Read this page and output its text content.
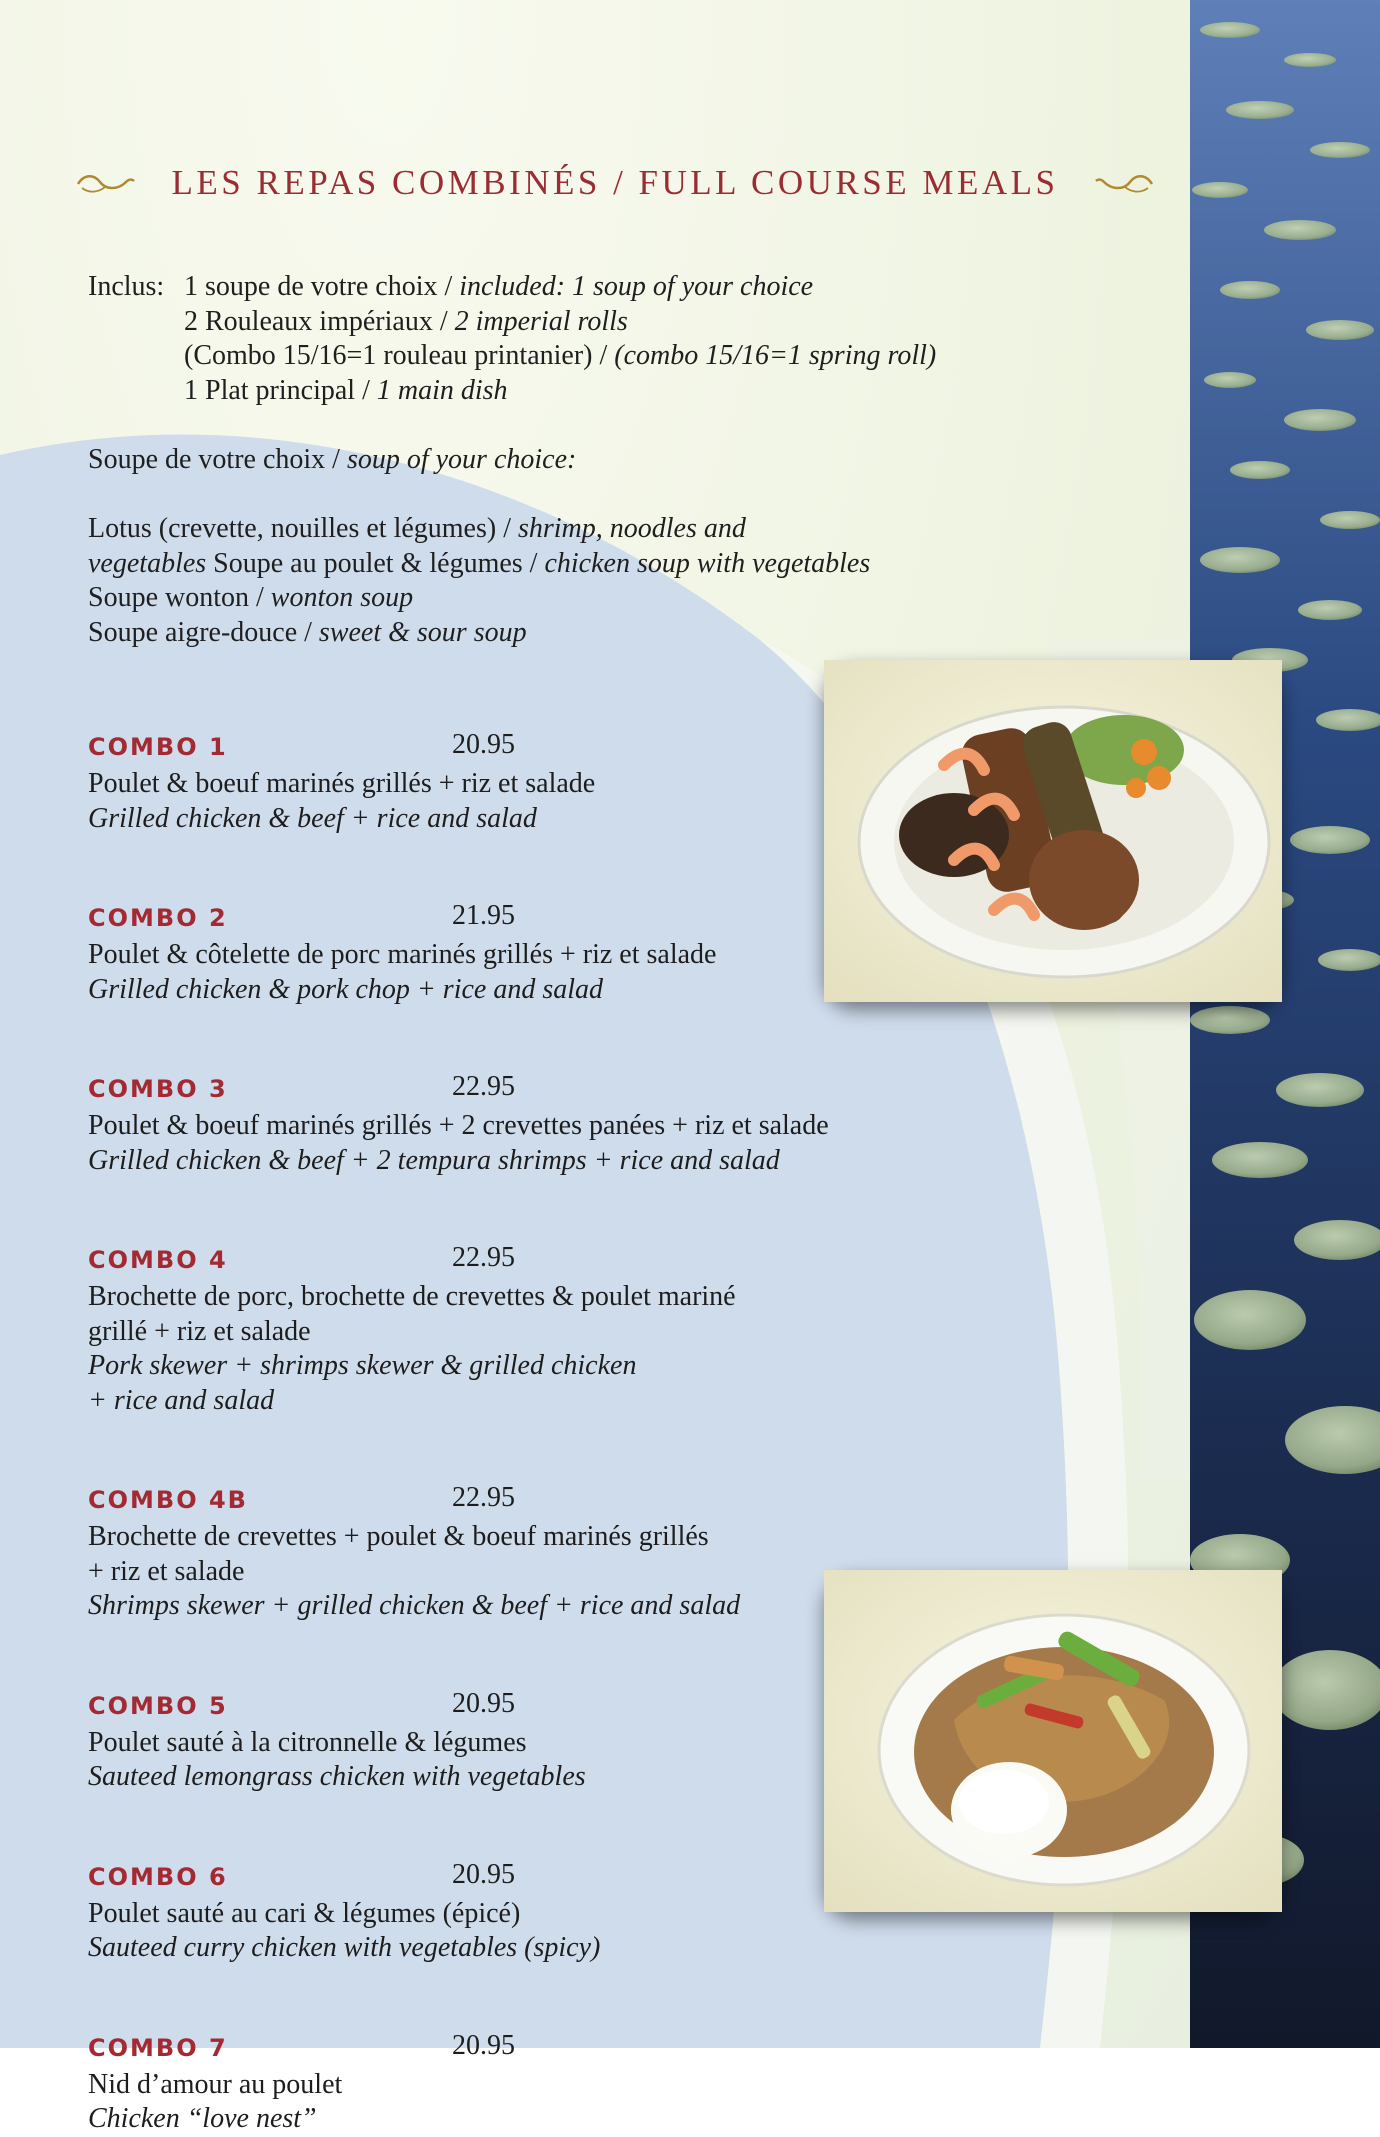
LES REPAS COMBINÉS / FULL COURSE MEALS
Inclus: 1 soupe de votre choix / included: 1 soup of your choice
2 Rouleaux impériaux / 2 imperial rolls
(Combo 15/16=1 rouleau printanier) / (combo 15/16=1 spring roll)
1 Plat principal / 1 main dish
Soupe de votre choix / soup of your choice:
Lotus (crevette, nouilles et légumes) / shrimp, noodles and
vegetables Soupe au poulet & légumes / chicken soup with vegetables
Soupe wonton / wonton soup
Soupe aigre-douce / sweet & sour soup
COMBO 1	20.95
Poulet & boeuf marinés grillés + riz et salade
Grilled chicken & beef + rice and salad
COMBO 2	21.95
Poulet & côtelette de porc marinés grillés + riz et salade
Grilled chicken & pork chop + rice and salad
COMBO 3	22.95
Poulet & boeuf marinés grillés + 2 crevettes panées + riz et salade
Grilled chicken & beef + 2 tempura shrimps + rice and salad
COMBO 4	22.95
Brochette de porc, brochette de crevettes & poulet mariné
grillé + riz et salade
Pork skewer + shrimps skewer & grilled chicken
+ rice and salad
COMBO 4B	22.95
Brochette de crevettes + poulet & boeuf marinés grillés
+ riz et salade
Shrimps skewer + grilled chicken & beef + rice and salad
COMBO 5	20.95
Poulet sauté à la citronnelle & légumes
Sauteed lemongrass chicken with vegetables
COMBO 6	20.95
Poulet sauté au cari & légumes (épicé)
Sauteed curry chicken with vegetables (spicy)
COMBO 7	20.95
Nid d’amour au poulet
Chicken “love nest”
